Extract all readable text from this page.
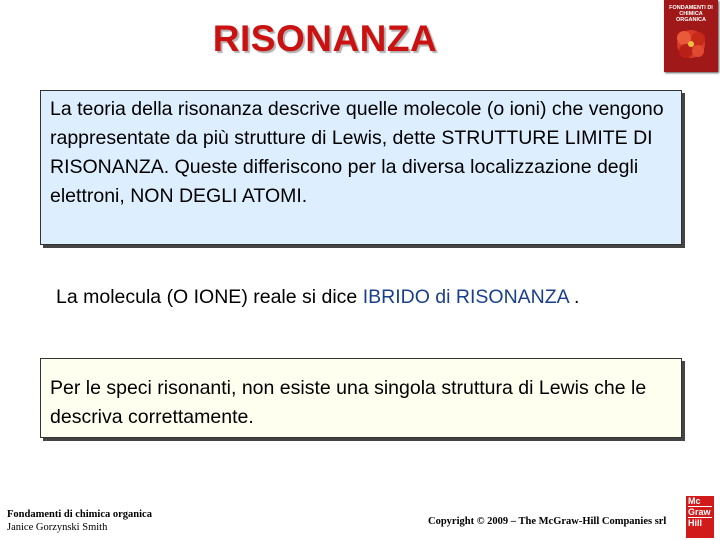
RISONANZA
FONDAMENTI DI CHIMICA ORGANICA

La teoria della risonanza descrive quelle molecole (o ioni) che vengono rappresentate da più strutture di Lewis, dette STRUTTURE LIMITE DI RISONANZA. Queste differiscono per la diversa localizzazione degli elettroni, NON DEGLI ATOMI.

La molecula (O IONE) reale si dice IBRIDO di RISONANZA .

Per le speci risonanti, non esiste una singola struttura di Lewis che le descriva correttamente.

Fondamenti di chimica organica
Janice Gorzynski Smith
Copyright © 2009 – The McGraw-Hill Companies srl
Mc
Graw
Hill
